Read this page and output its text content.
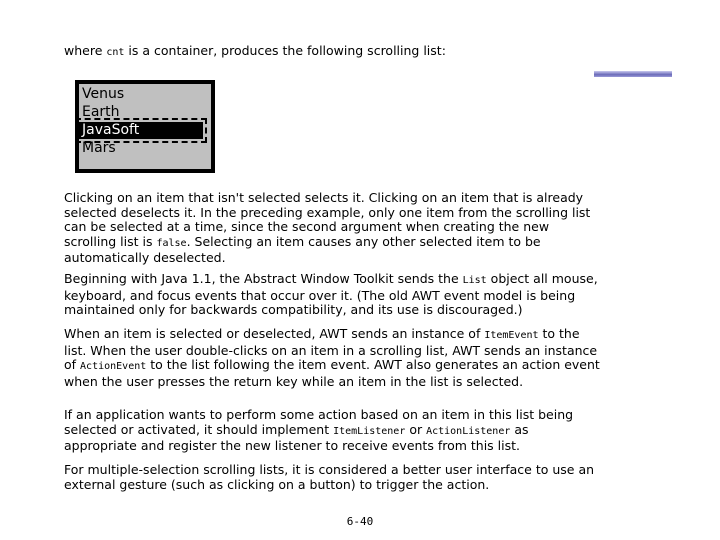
where cnt is a container, produces the following scrolling list:
Venus
Earth
JavaSoft
Mars

Clicking on an item that isn't selected selects it. Clicking on an item that is already selected deselects it. In the preceding example, only one item from the scrolling list can be selected at a time, since the second argument when creating the new scrolling list is false. Selecting an item causes any other selected item to be automatically deselected.

Beginning with Java 1.1, the Abstract Window Toolkit sends the List object all mouse, keyboard, and focus events that occur over it. (The old AWT event model is being maintained only for backwards compatibility, and its use is discouraged.)

When an item is selected or deselected, AWT sends an instance of ItemEvent to the list. When the user double-clicks on an item in a scrolling list, AWT sends an instance of ActionEvent to the list following the item event. AWT also generates an action event when the user presses the return key while an item in the list is selected.

If an application wants to perform some action based on an item in this list being selected or activated, it should implement ItemListener or ActionListener as appropriate and register the new listener to receive events from this list.

For multiple-selection scrolling lists, it is considered a better user interface to use an external gesture (such as clicking on a button) to trigger the action.

6-40
